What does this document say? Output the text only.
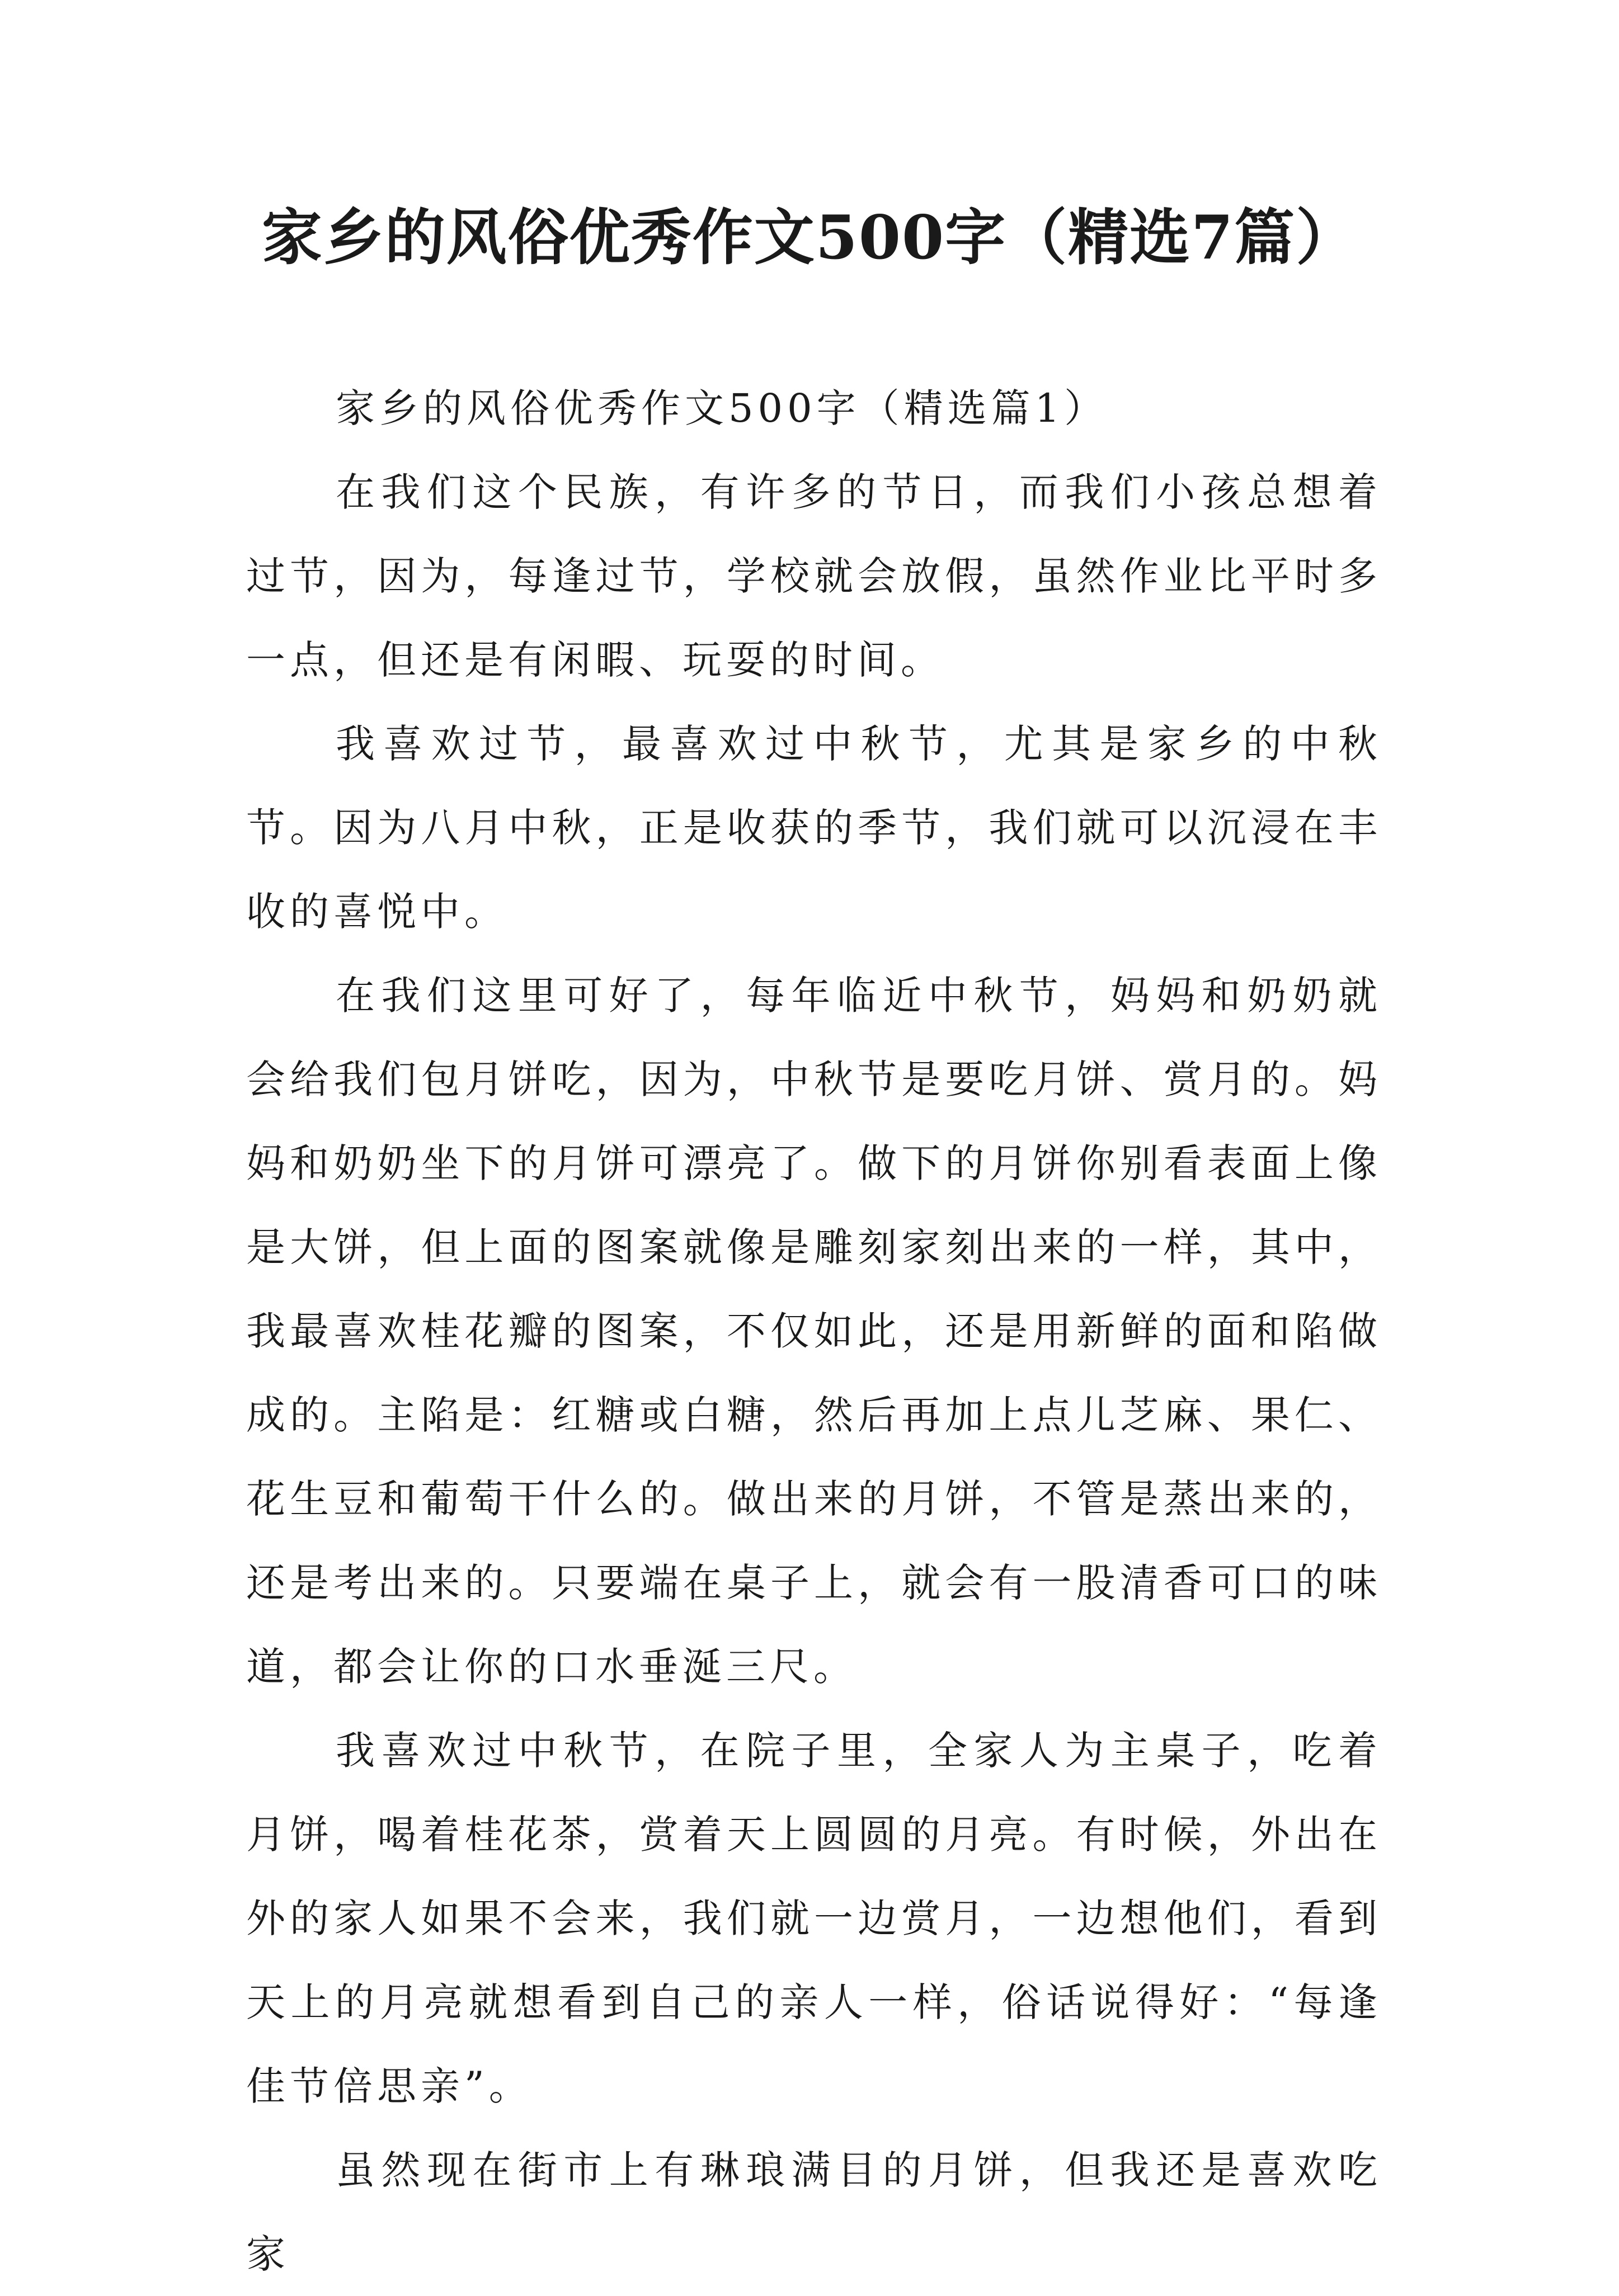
家乡的风俗优秀作文500字（精选7篇）

家乡的风俗优秀作文500字（精选篇1）

在我们这个民族，有许多的节日，而我们小孩总想着过节，因为，每逢过节，学校就会放假，虽然作业比平时多一点，但还是有闲暇、玩耍的时间。

我喜欢过节，最喜欢过中秋节，尤其是家乡的中秋节。因为八月中秋，正是收获的季节，我们就可以沉浸在丰收的喜悦中。

在我们这里可好了，每年临近中秋节，妈妈和奶奶就会给我们包月饼吃，因为，中秋节是要吃月饼、赏月的。妈妈和奶奶坐下的月饼可漂亮了。做下的月饼你别看表面上像是大饼，但上面的图案就像是雕刻家刻出来的一样，其中，我最喜欢桂花瓣的图案，不仅如此，还是用新鲜的面和陷做成的。主陷是：红糖或白糖，然后再加上点儿芝麻、果仁、花生豆和葡萄干什么的。做出来的月饼，不管是蒸出来的，还是考出来的。只要端在桌子上，就会有一股清香可口的味道，都会让你的口水垂涎三尺。

我喜欢过中秋节，在院子里，全家人为主桌子，吃着月饼，喝着桂花茶，赏着天上圆圆的月亮。有时候，外出在外的家人如果不会来，我们就一边赏月，一边想他们，看到天上的月亮就想看到自己的亲人一样，俗话说得好：“每逢佳节倍思亲”。

虽然现在街市上有琳琅满目的月饼，但我还是喜欢吃家
